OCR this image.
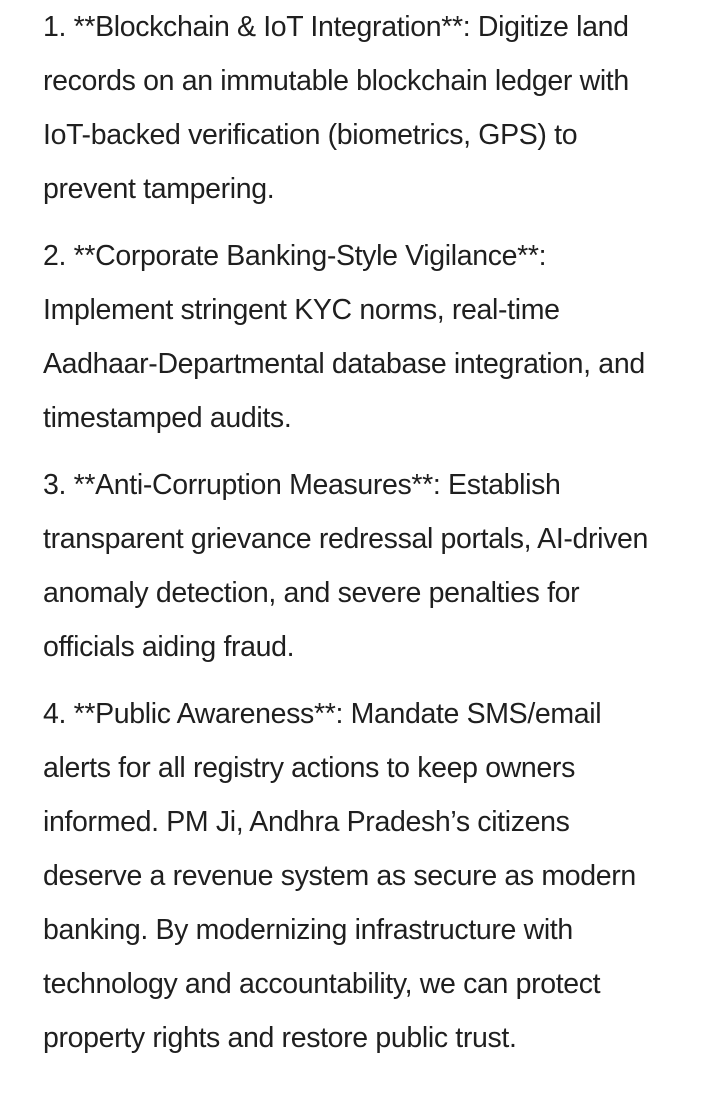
1. **Blockchain & IoT Integration**: Digitize land
records on an immutable blockchain ledger with
IoT-backed verification (biometrics, GPS) to
prevent tampering.
2. **Corporate Banking-Style Vigilance**:
Implement stringent KYC norms, real-time
Aadhaar-Departmental database integration, and
timestamped audits.
3. **Anti-Corruption Measures**: Establish
transparent grievance redressal portals, AI-driven
anomaly detection, and severe penalties for
officials aiding fraud.
4. **Public Awareness**: Mandate SMS/email
alerts for all registry actions to keep owners
informed. PM Ji, Andhra Pradesh’s citizens
deserve a revenue system as secure as modern
banking. By modernizing infrastructure with
technology and accountability, we can protect
property rights and restore public trust.
